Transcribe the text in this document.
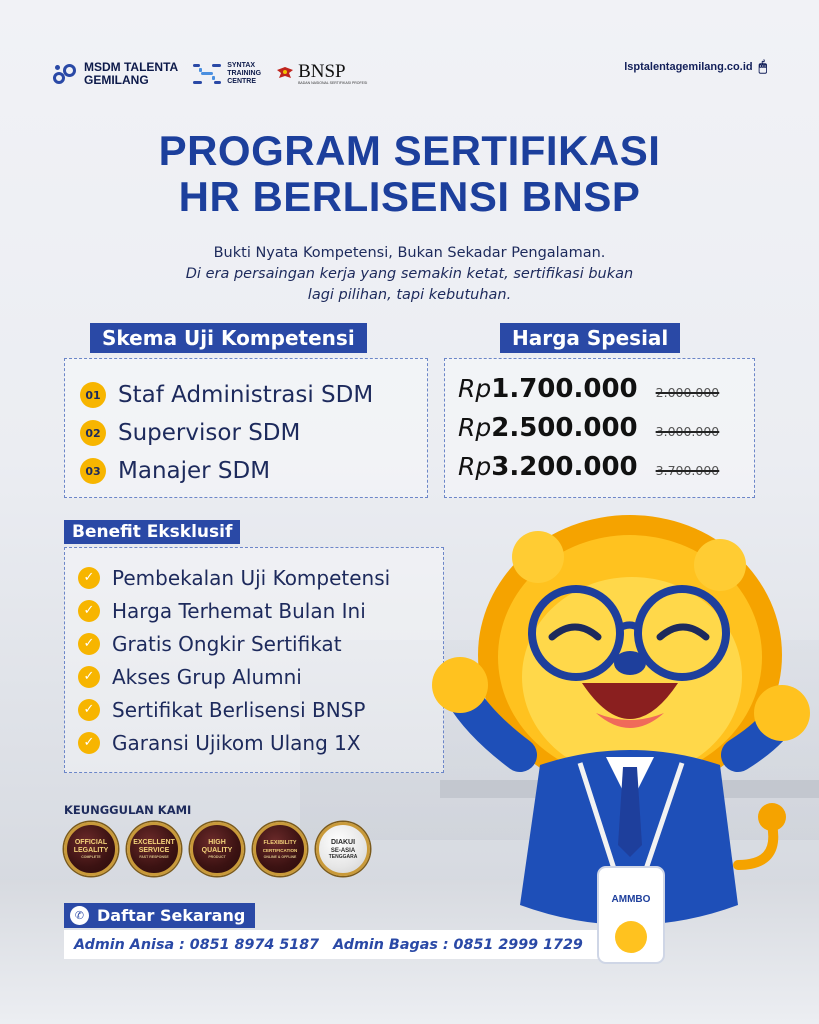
MSDM TALENTA
GEMILANG
SYNTAX
TRAINING
CENTRE BNSP
BADAN NASIONAL SERTIFIKASI PROFESI
lsptalentagemilang.co.id 🖱
PROGRAM SERTIFIKASI
HR BERLISENSI BNSP
Bukti Nyata Kompetensi, Bukan Sekadar Pengalaman.
Di era persaingan kerja yang semakin ketat, sertifikasi bukan
lagi pilihan, tapi kebutuhan.
Skema Uji Kompetensi
01 Staf Administrasi SDM
02 Supervisor SDM
03 Manajer SDM
Harga Spesial
Rp 1.700.000 2.000.000
Rp 2.500.000 3.000.000
Rp 3.200.000 3.700.000
Benefit Eksklusif
✓ Pembekalan Uji Kompetensi
✓ Harga Terhemat Bulan Ini
✓ Gratis Ongkir Sertifikat
✓ Akses Grup Alumni
✓ Sertifikat Berlisensi BNSP
✓ Garansi Ujikom Ulang 1X
KEUNGGULAN KAMI
OFFICIAL
LEGALITY
COMPLETE
EXCELLENT
SERVICE
FAST RESPONSE
HIGH
QUALITY
PRODUCT
FLEXIBILITY
CERTIFICATION
ONLINE & OFFLINE
DIAKUI
SE-ASIA
TENGGARA
✆ Daftar Sekarang
Admin Anisa : 0851 8974 5187 Admin Bagas : 0851 2999 1729
AMMBO
